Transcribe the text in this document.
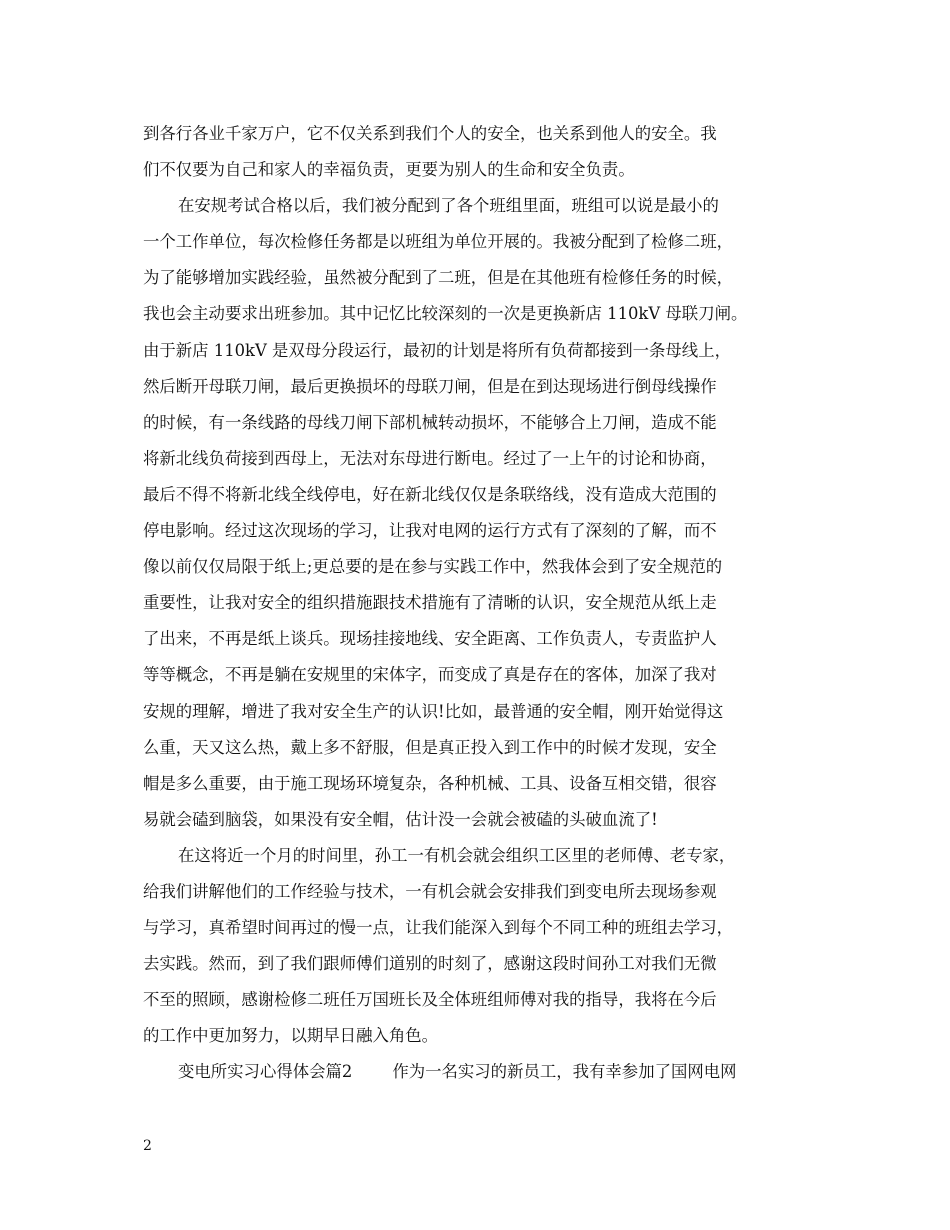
到各行各业千家万户，它不仅关系到我们个人的安全，也关系到他人的安全。我
们不仅要为自己和家人的幸福负责，更要为别人的生命和安全负责。
在安规考试合格以后，我们被分配到了各个班组里面，班组可以说是最小的
一个工作单位，每次检修任务都是以班组为单位开展的。我被分配到了检修二班，
为了能够增加实践经验，虽然被分配到了二班，但是在其他班有检修任务的时候，
我也会主动要求出班参加。其中记忆比较深刻的一次是更换新店 110kV 母联刀闸。
由于新店 110kV 是双母分段运行，最初的计划是将所有负荷都接到一条母线上，
然后断开母联刀闸，最后更换损坏的母联刀闸，但是在到达现场进行倒母线操作
的时候，有一条线路的母线刀闸下部机械转动损坏，不能够合上刀闸，造成不能
将新北线负荷接到西母上，无法对东母进行断电。经过了一上午的讨论和协商，
最后不得不将新北线全线停电，好在新北线仅仅是条联络线，没有造成大范围的
停电影响。经过这次现场的学习，让我对电网的运行方式有了深刻的了解，而不
像以前仅仅局限于纸上;更总要的是在参与实践工作中，然我体会到了安全规范的
重要性，让我对安全的组织措施跟技术措施有了清晰的认识，安全规范从纸上走
了出来，不再是纸上谈兵。现场挂接地线、安全距离、工作负责人，专责监护人
等等概念，不再是躺在安规里的宋体字，而变成了真是存在的客体，加深了我对
安规的理解，增进了我对安全生产的认识!比如，最普通的安全帽，刚开始觉得这
么重，天又这么热，戴上多不舒服，但是真正投入到工作中的时候才发现，安全
帽是多么重要，由于施工现场环境复杂，各种机械、工具、设备互相交错，很容
易就会磕到脑袋，如果没有安全帽，估计没一会就会被磕的头破血流了!
在这将近一个月的时间里，孙工一有机会就会组织工区里的老师傅、老专家，
给我们讲解他们的工作经验与技术，一有机会就会安排我们到变电所去现场参观
与学习，真希望时间再过的慢一点，让我们能深入到每个不同工种的班组去学习，
去实践。然而，到了我们跟师傅们道别的时刻了，感谢这段时间孙工对我们无微
不至的照顾，感谢检修二班任万国班长及全体班组师傅对我的指导，我将在今后
的工作中更加努力，以期早日融入角色。
变电所实习心得体会篇2 作为一名实习的新员工，我有幸参加了国网电网
2
